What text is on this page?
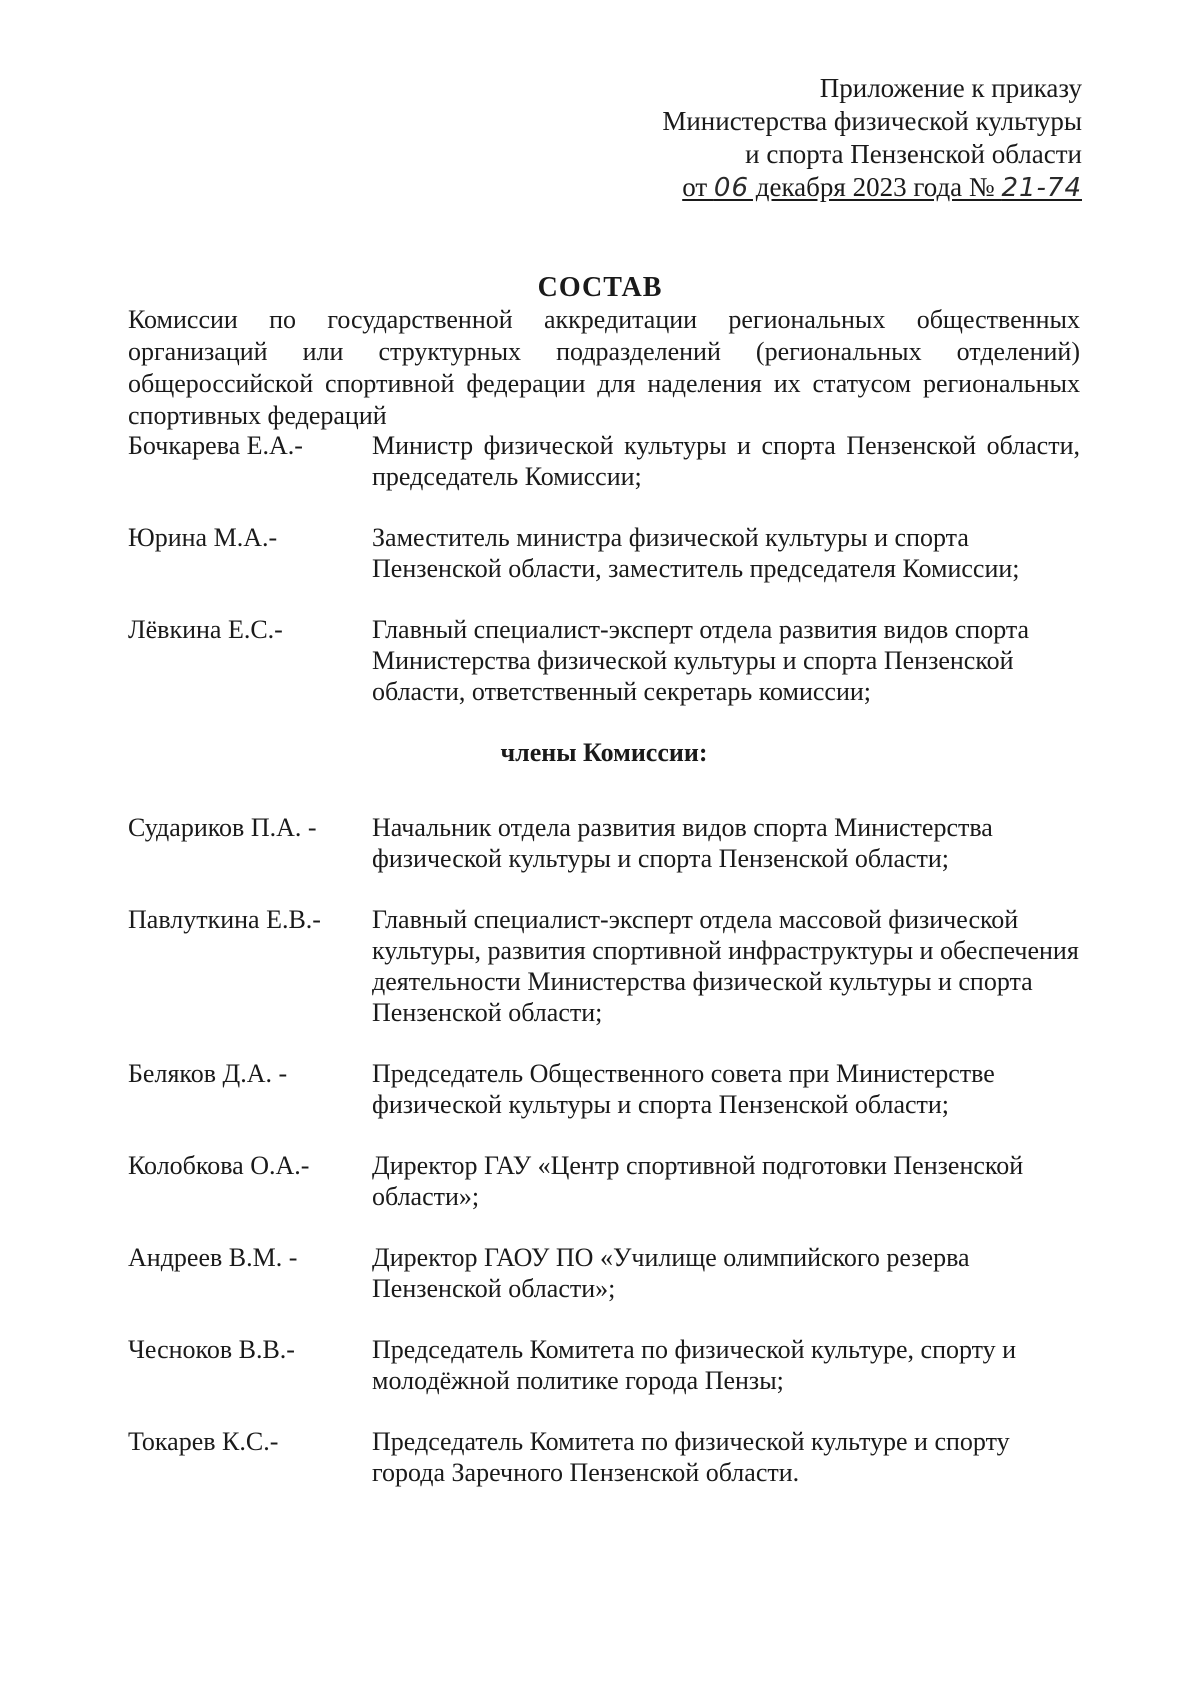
Приложение к приказу
Министерства физической культуры
и спорта Пензенской области
от 06 декабря 2023 года № 21-74
СОСТАВ
Комиссии по государственной аккредитации региональных общественных организаций или структурных подразделений (региональных отделений) общероссийской спортивной федерации для наделения их статусом региональных спортивных федераций
Бочкарева Е.А.-	Министр физической культуры и спорта Пензенской области, председатель Комиссии;
Юрина М.А.-	Заместитель министра физической культуры и спорта Пензенской области, заместитель председателя Комиссии;
Лёвкина Е.С.-	Главный специалист-эксперт отдела развития видов спорта Министерства физической культуры и спорта Пензенской области, ответственный секретарь комиссии;
члены Комиссии:
Судариков П.А. -	Начальник отдела развития видов спорта Министерства физической культуры и спорта Пензенской области;
Павлуткина Е.В.-	Главный специалист-эксперт отдела массовой физической культуры, развития спортивной инфраструктуры и обеспечения деятельности Министерства физической культуры и спорта Пензенской области;
Беляков Д.А. -	Председатель Общественного совета при Министерстве физической культуры и спорта Пензенской области;
Колобкова О.А.-	Директор ГАУ «Центр спортивной подготовки Пензенской области»;
Андреев В.М. -	Директор ГАОУ ПО «Училище олимпийского резерва Пензенской области»;
Чесноков В.В.-	Председатель Комитета по физической культуре, спорту и молодёжной политике города Пензы;
Токарев К.С.-	Председатель Комитета по физической культуре и спорту города Заречного Пензенской области.
